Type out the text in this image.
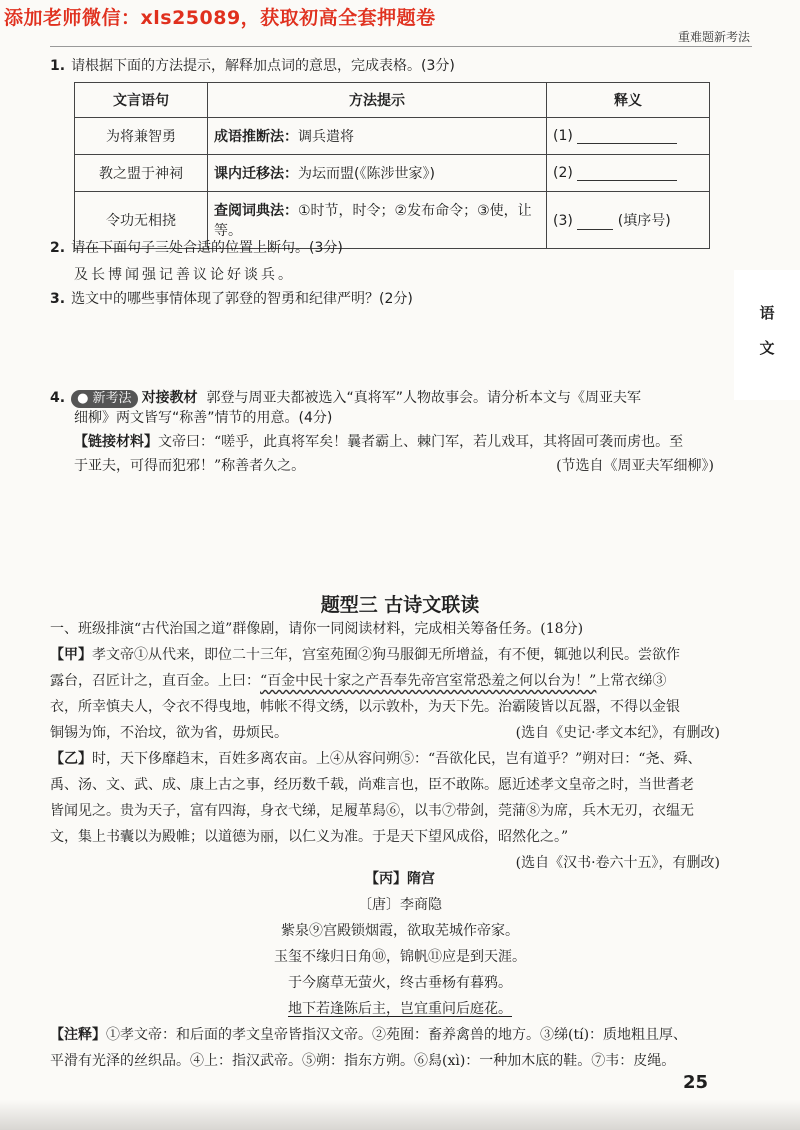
添加老师微信：xls25089，获取初高全套押题卷
重难题新考法
语
文
1. 请根据下面的方法提示，解释加点词的意思，完成表格。(3分)
文言语句	方法提示	释义
为将兼智勇	成语推断法：调兵遣将	(1)
教之盟于神祠	课内迁移法：为坛而盟(《陈涉世家》)	(2)
令功无相挠	查阅词典法：①时节，时令；②发布命令；③使，让等。	(3) (填序号)
2. 请在下面句子三处合适的位置上断句。(3分)
及长博闻强记善议论好谈兵。
3. 选文中的哪些事情体现了郭登的智勇和纪律严明？(2分)
4. ● 新考法 对接教材 郭登与周亚夫都被选入“真将军”人物故事会。请分析本文与《周亚夫军
细柳》两文皆写“称善”情节的用意。(4分)
【链接材料】文帝曰：“嗟乎，此真将军矣！曩者霸上、棘门军，若儿戏耳，其将固可袭而虏也。至
于亚夫，可得而犯邪！”称善者久之。	(节选自《周亚夫军细柳》)
题型三 古诗文联读
一、班级排演“古代治国之道”群像剧，请你一同阅读材料，完成相关筹备任务。(18分)
【甲】孝文帝①从代来，即位二十三年，宫室苑囿②狗马服御无所增益，有不便，辄弛以利民。尝欲作
露台，召匠计之，直百金。上曰：“百金中民十家之产吾奉先帝宫室常恐羞之何以台为！”上常衣绨③
衣，所幸慎夫人，令衣不得曳地，帏帐不得文绣，以示敦朴，为天下先。治霸陵皆以瓦器，不得以金银
铜锡为饰，不治坟，欲为省，毋烦民。	(选自《史记·孝文本纪》，有删改)
【乙】时，天下侈靡趋末，百姓多离农亩。上④从容问朔⑤：“吾欲化民，岂有道乎？”朔对曰：“尧、舜、
禹、汤、文、武、成、康上古之事，经历数千载，尚难言也，臣不敢陈。愿近述孝文皇帝之时，当世耆老
皆闻见之。贵为天子，富有四海，身衣弋绨，足履革舄⑥，以韦⑦带剑，莞蒲⑧为席，兵木无刃，衣缊无
文，集上书囊以为殿帷；以道德为丽，以仁义为准。于是天下望风成俗，昭然化之。”
(选自《汉书·卷六十五》，有删改)
【丙】隋宫
〔唐〕李商隐
紫泉⑨宫殿锁烟霞，欲取芜城作帝家。
玉玺不缘归日角⑩，锦帆⑪应是到天涯。
于今腐草无萤火，终古垂杨有暮鸦。
地下若逢陈后主，岂宜重问后庭花。
【注释】①孝文帝：和后面的孝文皇帝皆指汉文帝。②苑囿：畜养禽兽的地方。③绨(tí)：质地粗且厚、
平滑有光泽的丝织品。④上：指汉武帝。⑤朔：指东方朔。⑥舄(xì)：一种加木底的鞋。⑦韦：皮绳。
25
